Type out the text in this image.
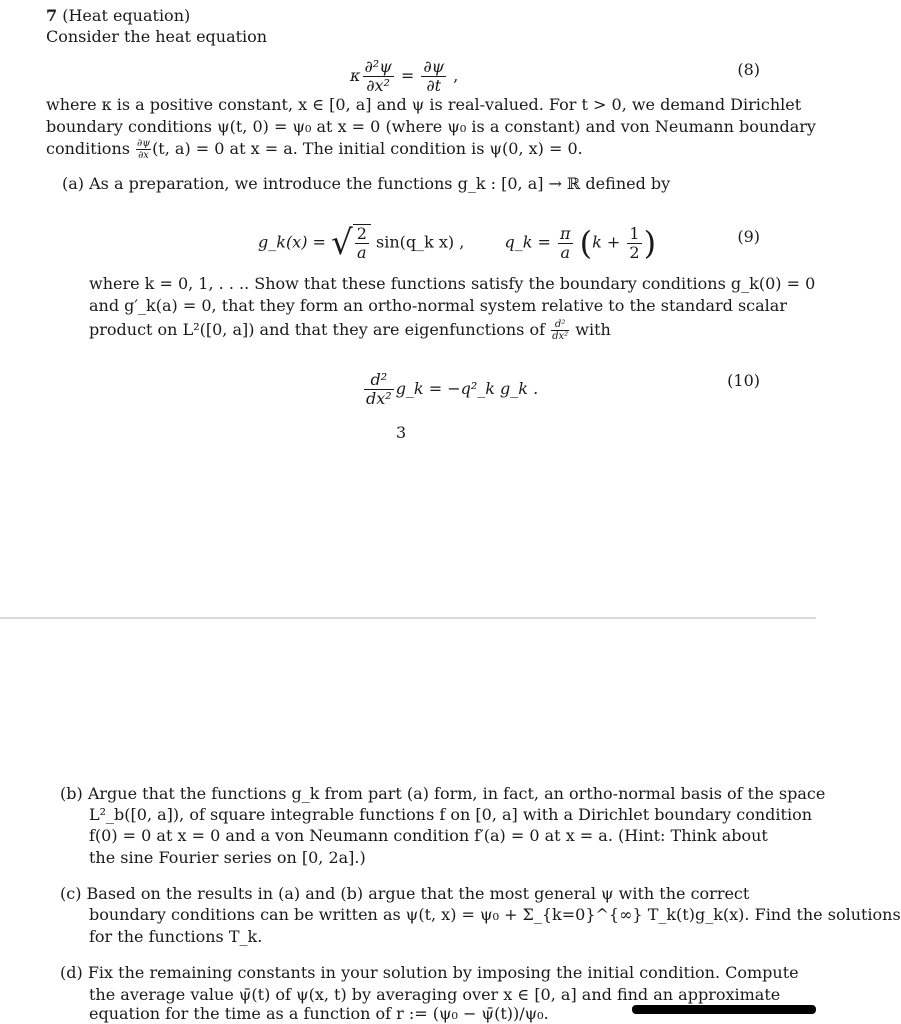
7 (Heat equation)
Consider the heat equation
κ $\frac{\text{∂²ψ}}{\text{∂x²}} = \frac{\partial\psi}{\partial t}$ ,	(8)
where κ is a positive constant, x ∈ [0, a] and ψ is real-valued. For t > 0, we demand Dirichlet
boundary conditions ψ(t, 0) = ψ₀ at x = 0 (where ψ₀ is a constant) and von Neumann boundary
conditions $\frac{\partial\psi}{\partial x} (t$, a) = 0 at x = a. The initial condition is ψ(0, x) = 0.
(a) As a preparation, we introduce the functions g_k : [0, a] → ℝ defined by
g_k(x) = √ $\frac{2}{a}$ sin(q_k x) ,	q_k = $\frac{\pi}{a} (k + \frac{1}{2}$ )	(9)
where k = 0, 1, . . .. Show that these functions satisfy the boundary conditions g_k(0) = 0
and g′_k(a) = 0, that they form an ortho-normal system relative to the standard scalar
product on L²([0, a]) and that they are eigenfunctions of $\frac{\text{d²}}{\text{dx²}}$ with
$\frac{\text{d²}}{\text{dx²}}$ g_k = −q²_k g_k .	(10)
3
(b) Argue that the functions g_k from part (a) form, in fact, an ortho-normal basis of the space
L²_b([0, a]), of square integrable functions f on [0, a] with a Dirichlet boundary condition
f(0) = 0 at x = 0 and a von Neumann condition f′(a) = 0 at x = a. (Hint: Think about
the sine Fourier series on [0, 2a].)
(c) Based on the results in (a) and (b) argue that the most general ψ with the correct
boundary conditions can be written as ψ(t, x) = ψ₀ + Σ_{k=0}^{∞} T_k(t)g_k(x). Find the solutions
for the functions T_k.
(d) Fix the remaining constants in your solution by imposing the initial condition. Compute
the average value ψ̄(t) of ψ(x, t) by averaging over x ∈ [0, a] and find an approximate
equation for the time as a function of r := (ψ₀ − ψ̄(t))/ψ₀.
